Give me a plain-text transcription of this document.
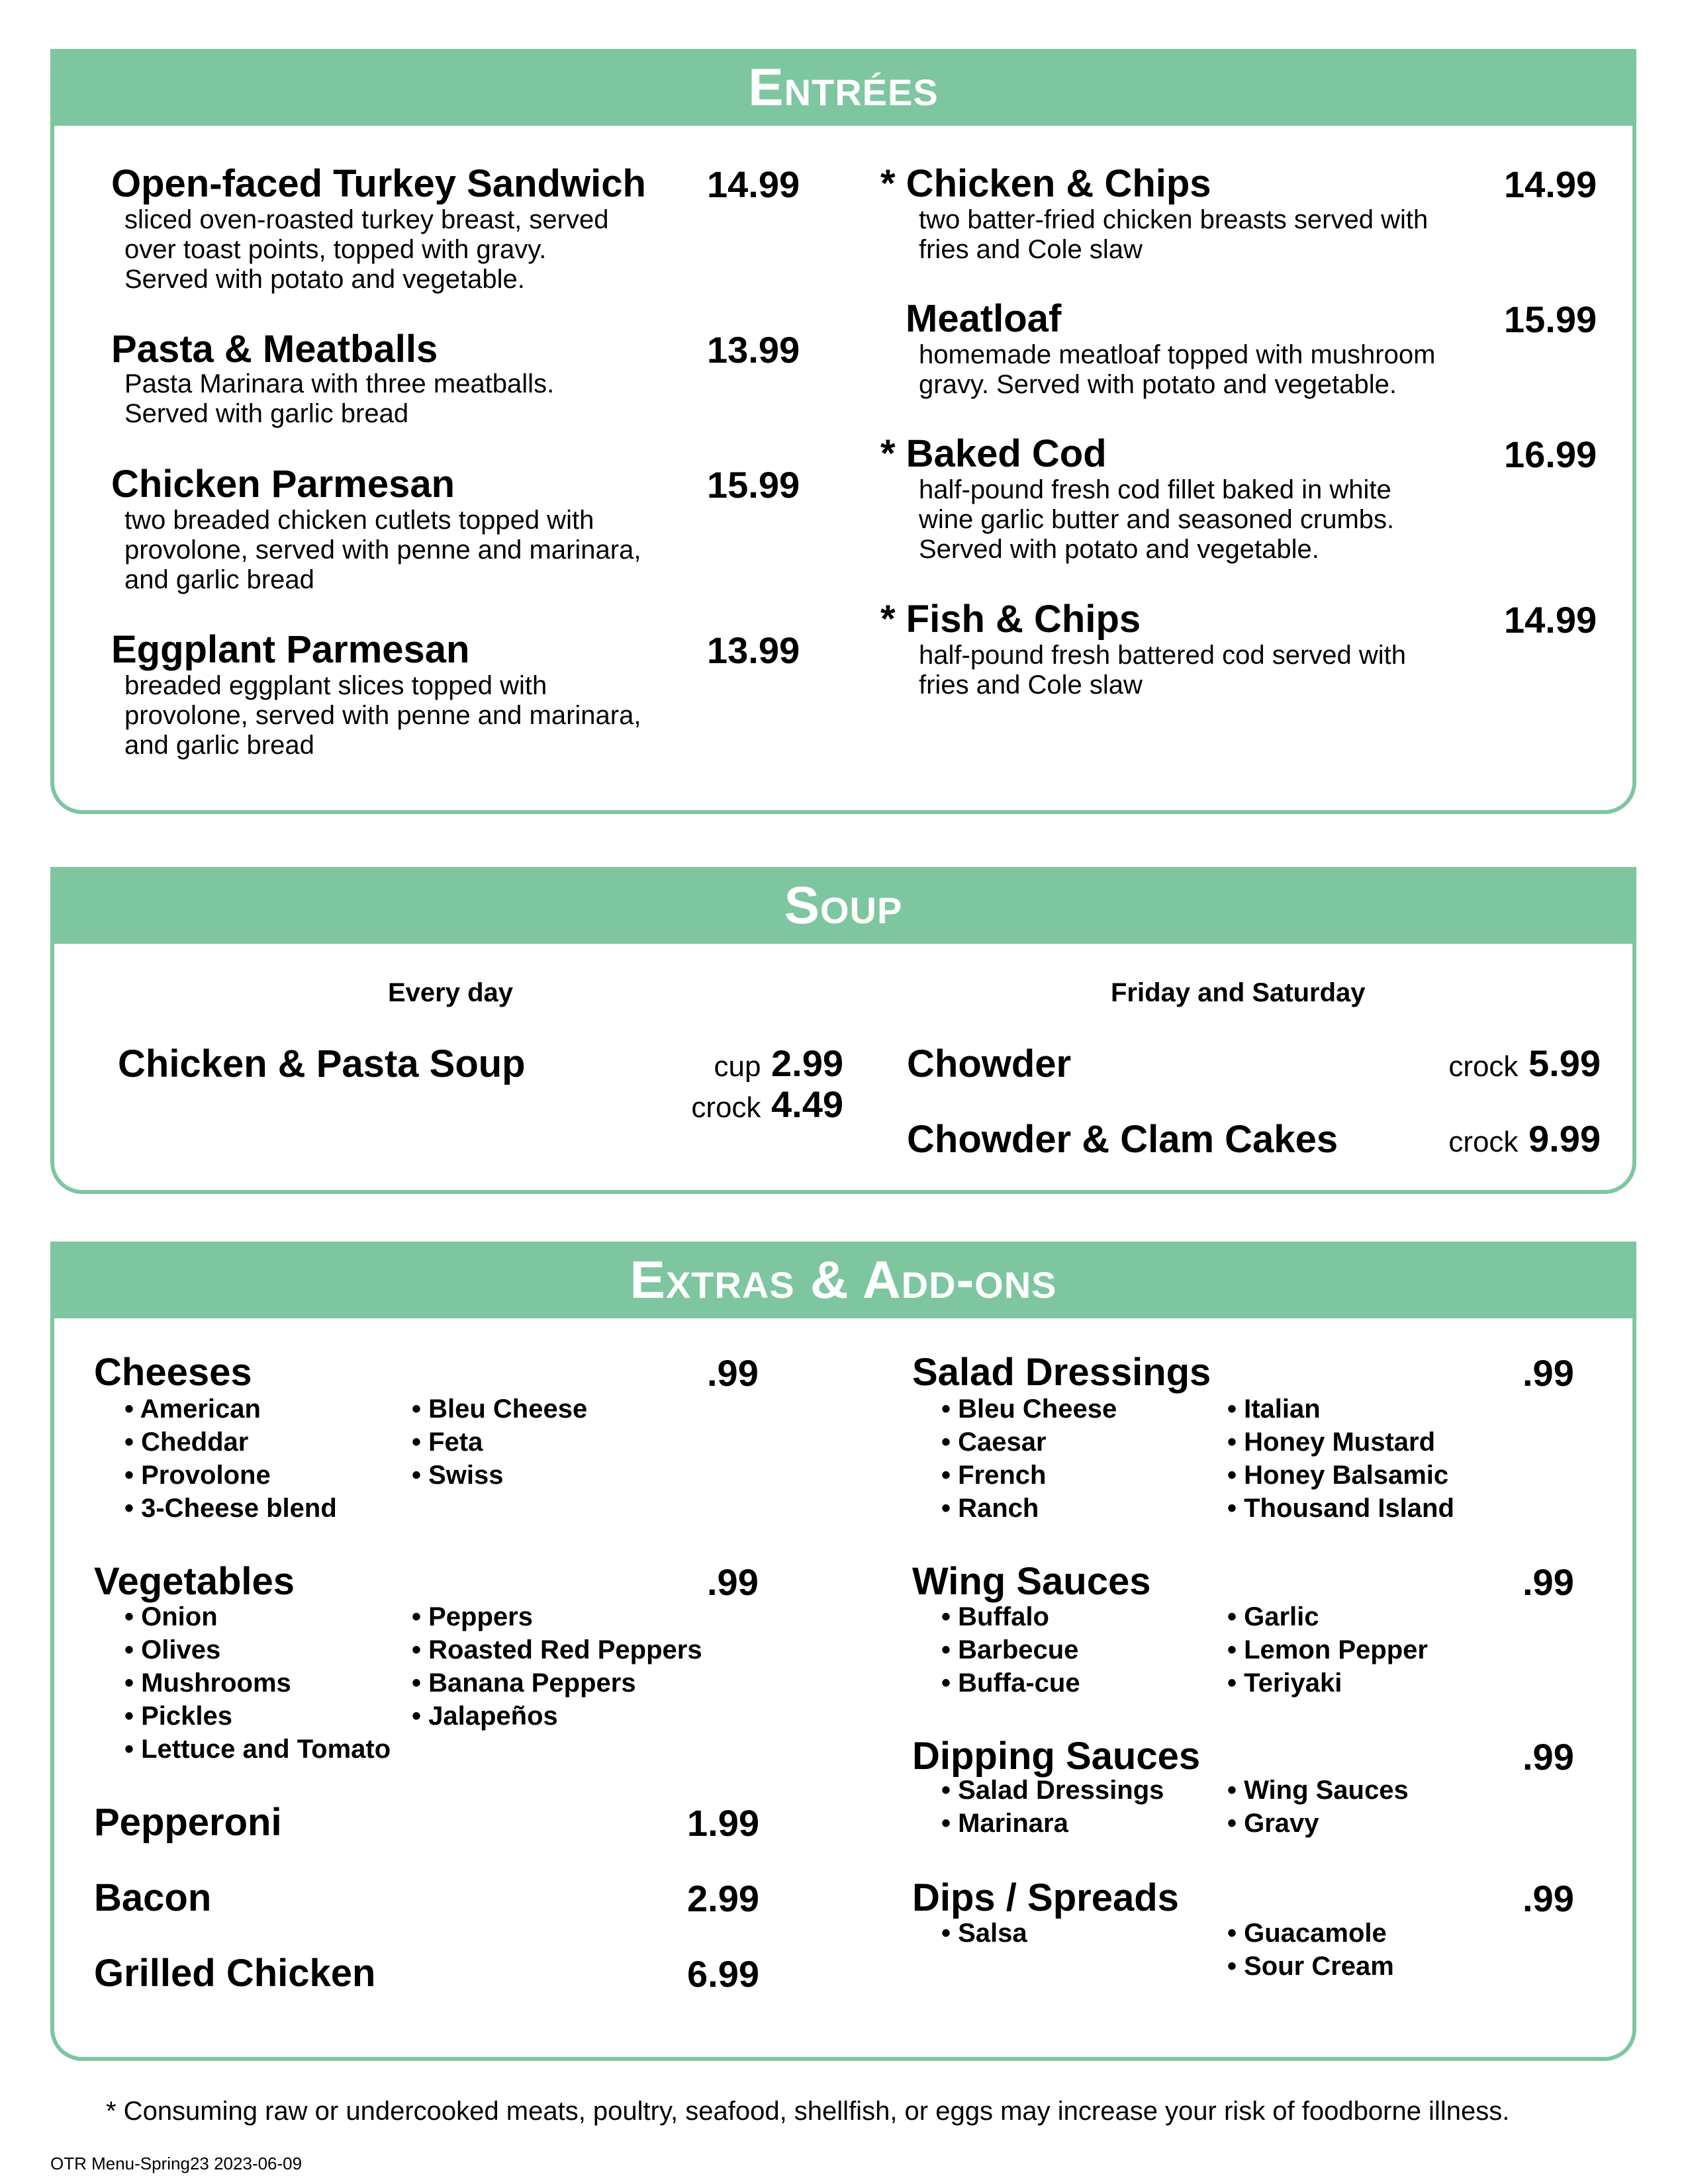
Entrées
Open-faced Turkey Sandwich 14.99
sliced oven-roasted turkey breast, served
over toast points, topped with gravy.
Served with potato and vegetable.
Pasta & Meatballs	13.99
Pasta Marinara with three meatballs.
Served with garlic bread
Chicken Parmesan	15.99
two breaded chicken cutlets topped with
provolone, served with penne and marinara,
and garlic bread
Eggplant Parmesan	13.99
breaded eggplant slices topped with
provolone, served with penne and marinara,
and garlic bread
* Chicken & Chips	14.99
two batter-fried chicken breasts served with
fries and Cole slaw
Meatloaf	15.99
homemade meatloaf topped with mushroom
gravy. Served with potato and vegetable.
* Baked Cod	16.99
half-pound fresh cod fillet baked in white
wine garlic butter and seasoned crumbs.
Served with potato and vegetable.
* Fish & Chips	14.99
half-pound fresh battered cod served with
fries and Cole slaw
Soup
Every day	Friday and Saturday
Chicken & Pasta Soup	cup 2.99
crock 4.49
Chowder	crock 5.99
Chowder & Clam Cakes	crock 9.99
Extras & Add-ons
Cheeses	.99
• American
• Cheddar
• Provolone
• 3-Cheese blend
• Bleu Cheese
• Feta
• Swiss
Vegetables	.99
• Onion
• Olives
• Mushrooms
• Pickles
• Lettuce and Tomato
• Peppers
• Roasted Red Peppers
• Banana Peppers
• Jalapeños
Pepperoni	1.99
Bacon	2.99
Grilled Chicken	6.99
Salad Dressings	.99
• Bleu Cheese
• Caesar
• French
• Ranch
• Italian
• Honey Mustard
• Honey Balsamic
• Thousand Island
Wing Sauces	.99
• Buffalo
• Barbecue
• Buffa-cue
• Garlic
• Lemon Pepper
• Teriyaki
Dipping Sauces	.99
• Salad Dressings
• Marinara
• Wing Sauces
• Gravy
Dips / Spreads	.99
• Salsa	• Guacamole
• Sour Cream
* Consuming raw or undercooked meats, poultry, seafood, shellfish, or eggs may increase your risk of foodborne illness.
OTR Menu-Spring23 2023-06-09
